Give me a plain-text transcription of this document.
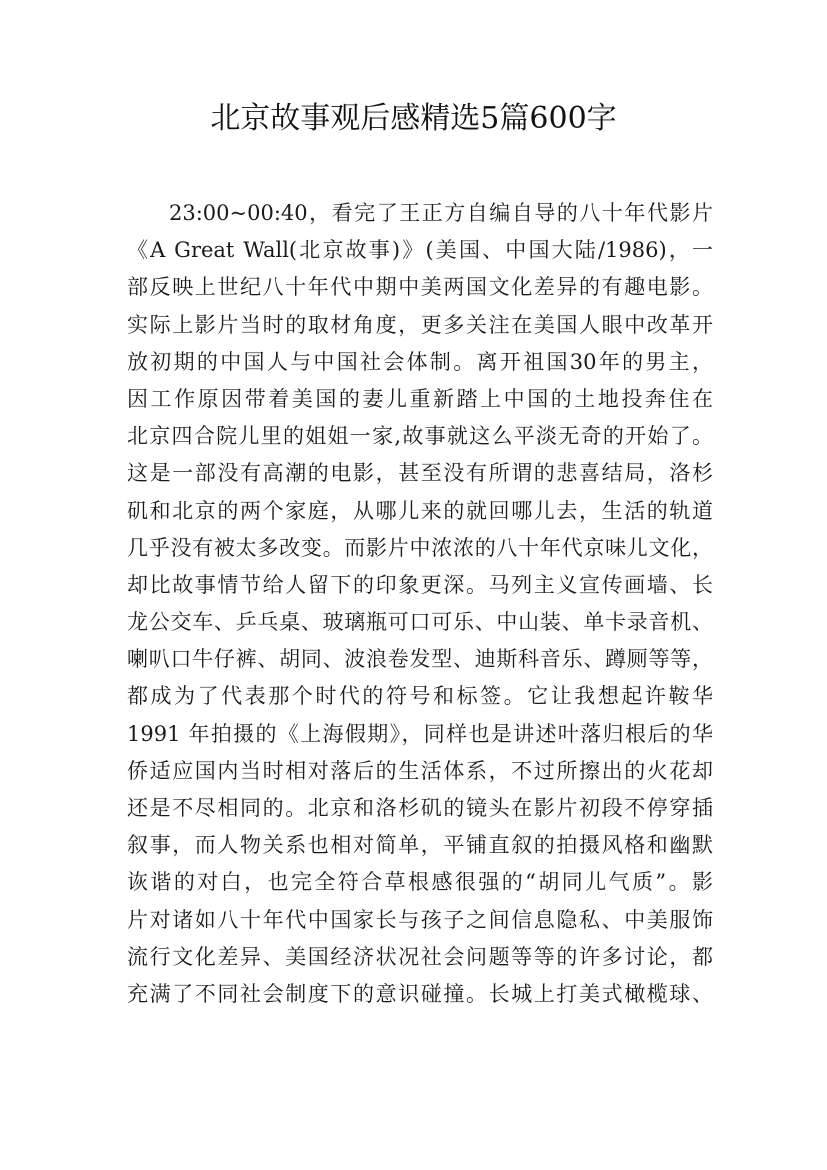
北京故事观后感精选5篇600字
23:00~00:40，看完了王正方自编自导的八十年代影片
《A Great Wall(北京故事)》(美国、中国大陆/1986)，一
部反映上世纪八十年代中期中美两国文化差异的有趣电影。
实际上影片当时的取材角度，更多关注在美国人眼中改革开
放初期的中国人与中国社会体制。离开祖国30年的男主，
因工作原因带着美国的妻儿重新踏上中国的土地投奔住在
北京四合院儿里的姐姐一家,故事就这么平淡无奇的开始了。
这是一部没有高潮的电影，甚至没有所谓的悲喜结局，洛杉
矶和北京的两个家庭，从哪儿来的就回哪儿去，生活的轨道
几乎没有被太多改变。而影片中浓浓的八十年代京味儿文化，
却比故事情节给人留下的印象更深。马列主义宣传画墙、长
龙公交车、乒乓桌、玻璃瓶可口可乐、中山装、单卡录音机、
喇叭口牛仔裤、胡同、波浪卷发型、迪斯科音乐、蹲厕等等，
都成为了代表那个时代的符号和标签。它让我想起许鞍华
1991 年拍摄的《上海假期》，同样也是讲述叶落归根后的华
侨适应国内当时相对落后的生活体系，不过所擦出的火花却
还是不尽相同的。北京和洛杉矶的镜头在影片初段不停穿插
叙事，而人物关系也相对简单，平铺直叙的拍摄风格和幽默
诙谐的对白，也完全符合草根感很强的“胡同儿气质”。影
片对诸如八十年代中国家长与孩子之间信息隐私、中美服饰
流行文化差异、美国经济状况社会问题等等的许多讨论，都
充满了不同社会制度下的意识碰撞。长城上打美式橄榄球、
